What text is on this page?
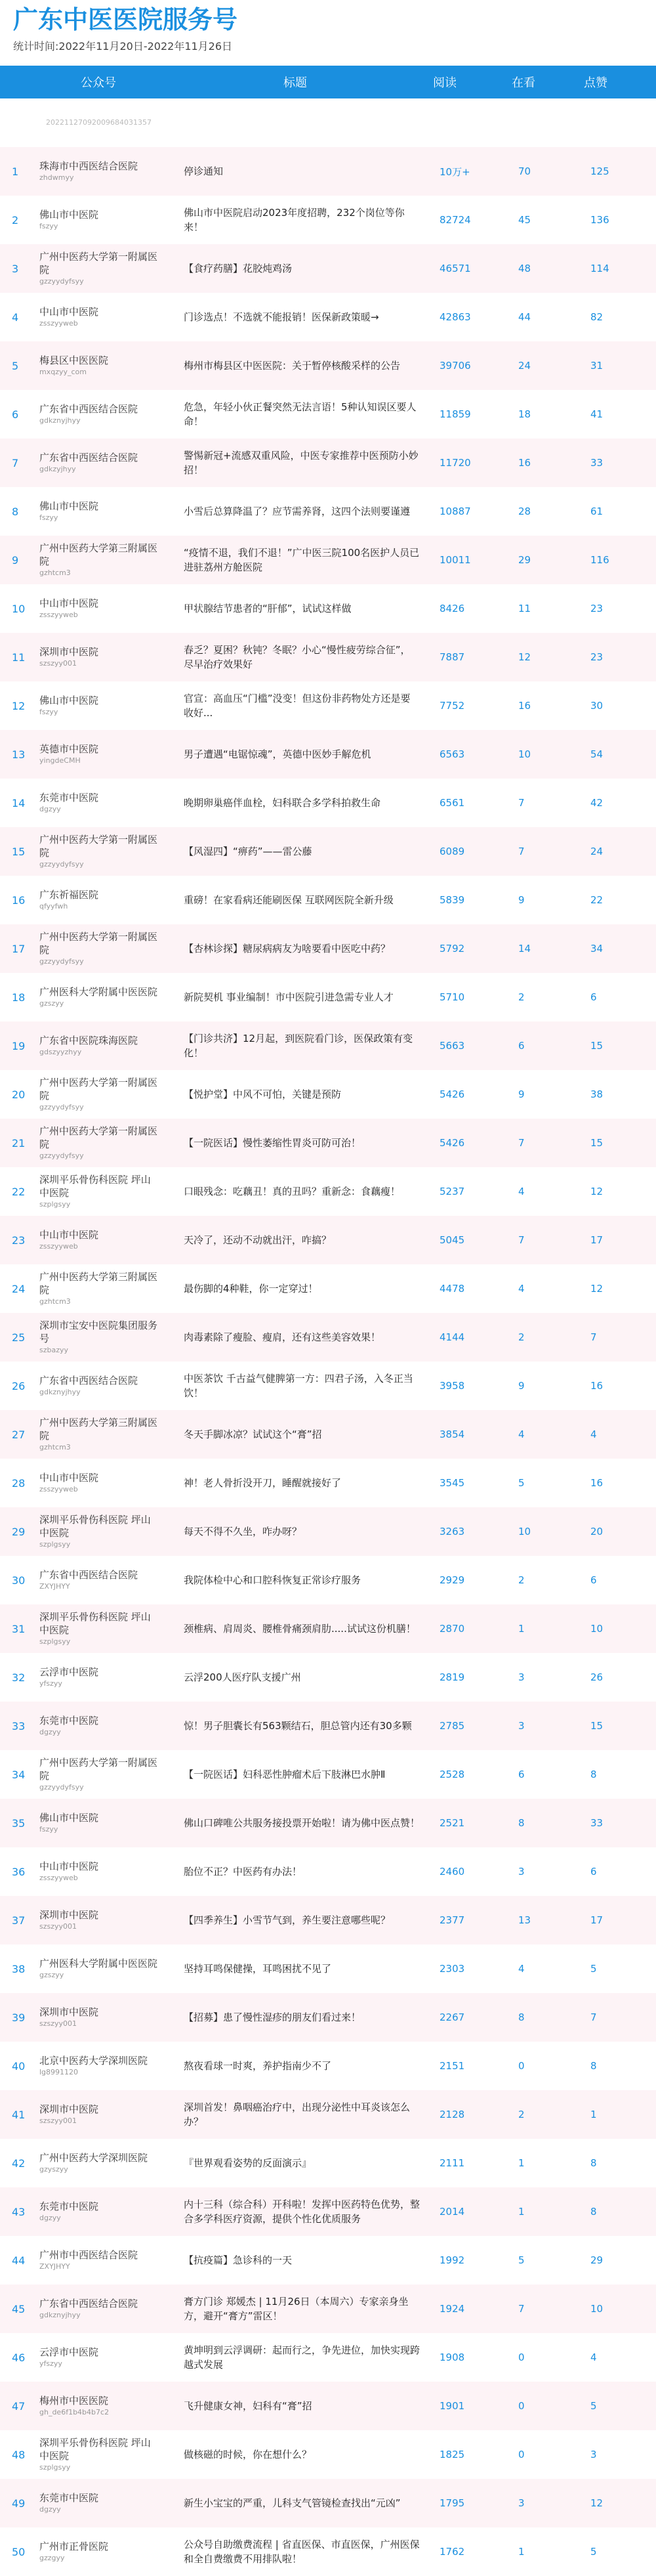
广东中医医院服务号
统计时间:2022年11月20日-2022年11月26日
	公众号	标题	阅读	在看	点赞

20221127092009684031357					

1	珠海市中西医结合医院
zhdwmyy	停诊通知	10万+	70	125
2	佛山市中医院
fszyy	佛山市中医院启动2023年度招聘，232个岗位等你来！	82724	45	136
3	广州中医药大学第一附属医院
gzzyydyfsyy	【食疗药膳】花胶炖鸡汤	46571	48	114
4	中山市中医院
zsszyyweb	门诊选点！不选就不能报销！医保新政策暖→	42863	44	82
5	梅县区中医医院
mxqzyy_com	梅州市梅县区中医医院：关于暂停核酸采样的公告	39706	24	31
6	广东省中西医结合医院
gdkznyjhyy	危急，年轻小伙正餐突然无法言语！5种认知误区要人命！	11859	18	41
7	广东省中西医结合医院
gdkzyjhyy	警惕新冠+流感双重风险，中医专家推荐中医预防小妙招！	11720	16	33
8	佛山市中医院
fszyy	小雪后总算降温了？应节需养肾，这四个法则要谨遵	10887	28	61
9	广州中医药大学第三附属医院
gzhtcm3	“疫情不退，我们不退！”广中医三院100名医护人员已进驻荔州方舱医院	10011	29	116
10	中山市中医院
zsszyyweb	甲状腺结节患者的“肝郁”，试试这样做	8426	11	23
11	深圳市中医院
szszyy001	春乏？夏困？秋钝？冬眠？小心“慢性疲劳综合征”，尽早治疗效果好	7887	12	23
12	佛山市中医院
fszyy	官宣：高血压“门槛”没变！但这份非药物处方还是要收好...	7752	16	30
13	英德市中医院
yingdeCMH	男子遭遇“电锯惊魂”，英德中医妙手解危机	6563	10	54
14	东莞市中医院
dgzyy	晚期卵巢癌伴血栓，妇科联合多学科拍救生命	6561	7	42
15	广州中医药大学第一附属医院
gzzyydyfsyy	【风湿四】“痹药”——雷公藤	6089	7	24
16	广东祈福医院
qfyyfwh	重磅！在家看病还能刷医保 互联网医院全新升级	5839	9	22
17	广州中医药大学第一附属医院
gzzyydyfsyy	【杏林诊探】糖尿病病友为啥要看中医吃中药？	5792	14	34
18	广州医科大学附属中医医院
gzszyy	新院契机 事业编制！市中医院引进急需专业人才	5710	2	6
19	广东省中医院珠海医院
gdszyyzhyy	【门诊共济】12月起，到医院看门诊，医保政策有变化！	5663	6	15
20	广州中医药大学第一附属医院
gzzyydyfsyy	【悦护堂】中风不可怕，关键是预防	5426	9	38
21	广州中医药大学第一附属医院
gzzyydyfsyy	【一院医话】慢性萎缩性胃炎可防可治！	5426	7	15
22	深圳平乐骨伤科医院 坪山中医院
szplgsyy	口眼残念：吃藕丑！真的丑吗？重新念：食藕瘦！	5237	4	12
23	中山市中医院
zsszyyweb	天冷了，还动不动就出汗，咋搞？	5045	7	17
24	广州中医药大学第三附属医院
gzhtcm3	最伤脚的4种鞋，你一定穿过！	4478	4	12
25	深圳市宝安中医院集团服务号
szbazyy	肉毒素除了瘦脸、瘦肩，还有这些美容效果！	4144	2	7
26	广东省中西医结合医院
gdkznyjhyy	中医茶饮 千古益气健脾第一方：四君子汤，入冬正当饮！	3958	9	16
27	广州中医药大学第三附属医院
gzhtcm3	冬天手脚冰凉？试试这个“膏”招	3854	4	4
28	中山市中医院
zsszyyweb	神！老人骨折没开刀，睡醒就接好了	3545	5	16
29	深圳平乐骨伤科医院 坪山中医院
szplgsyy	每天不得不久坐，咋办呀？	3263	10	20
30	广东省中西医结合医院
ZXYJHYY	我院体检中心和口腔科恢复正常诊疗服务	2929	2	6
31	深圳平乐骨伤科医院 坪山中医院
szplgsyy	颈椎病、肩周炎、腰椎骨痛颈肩肋.....试试这份机膳！	2870	1	10
32	云浮市中医院
yfszyy	云浮200人医疗队支援广州	2819	3	26
33	东莞市中医院
dgzyy	惊！男子胆囊长有563颗结石，胆总管内还有30多颗	2785	3	15
34	广州中医药大学第一附属医院
gzzyydyfsyy	【一院医话】妇科恶性肿瘤术后下肢淋巴水肿Ⅱ	2528	6	8
35	佛山市中医院
fszyy	佛山口碑唯公共服务接投票开始啦！请为佛中医点赞！	2521	8	33
36	中山市中医院
zsszyyweb	胎位不正？中医药有办法！	2460	3	6
37	深圳市中医院
szszyy001	【四季养生】小雪节气到，养生要注意哪些呢？	2377	13	17
38	广州医科大学附属中医医院
gzszyy	坚持耳鸣保健操，耳鸣困扰不见了	2303	4	5
39	深圳市中医院
szszyy001	【招募】患了慢性湿疹的朋友们看过来！	2267	8	7
40	北京中医药大学深圳医院
lg8991120	熬夜看球一时爽，养护指南少不了	2151	0	8
41	深圳市中医院
szszyy001	深圳首发！鼻咽癌治疗中，出现分泌性中耳炎该怎么办？	2128	2	1
42	广州中医药大学深圳医院
gzyszyy	『世界观看姿势的反面演示』	2111	1	8
43	东莞市中医院
dgzyy	内十三科（综合科）开科啦！发挥中医药特色优势，整合多学科医疗资源，提供个性化优质服务	2014	1	8
44	广州市中西医结合医院
ZXYJHYY	【抗疫篇】急诊科的一天	1992	5	29
45	广东省中西医结合医院
gdkznyjhyy	膏方门诊 郑媛杰 | 11月26日（本周六）专家亲身坐方，避开“膏方”雷区！	1924	7	10
46	云浮市中医院
yfszyy	黄坤明到云浮调研：起而行之，争先进位，加快实现跨越式发展	1908	0	4
47	梅州市中医医院
gh_de6f1b4b4b7c2	飞升健康女神，妇科有“膏”招	1901	0	5
48	深圳平乐骨伤科医院 坪山中医院
szplgsyy	做核磁的时候，你在想什么？	1825	0	3
49	东莞市中医院
dgzyy	新生小宝宝的严重，儿科支气管镜检查找出“元凶”	1795	3	12
50	广州市正骨医院
gzzgyy	公众号自助缴费流程 | 省直医保、市直医保，广州医保和全自费缴费不用排队啦！	1762	1	5
